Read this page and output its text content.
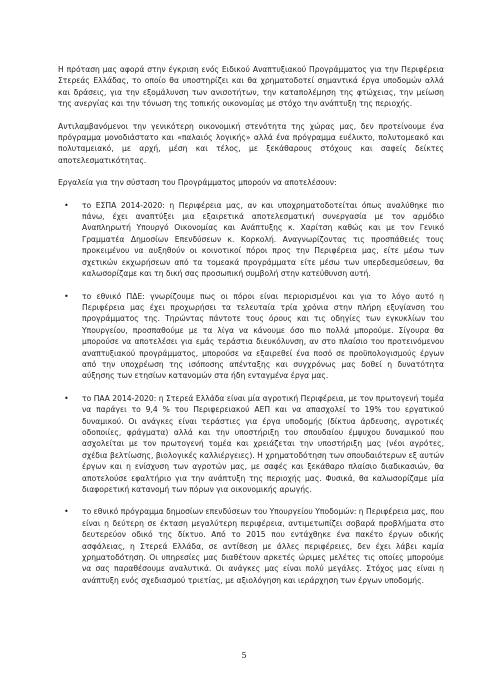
Η πρόταση μας αφορά στην έγκριση ενός Ειδικού Αναπτυξιακού Προγράμματος για την Περιφέρεια Στερεάς Ελλάδας, το οποίο θα υποστηρίζει και θα χρηματοδοτεί σημαντικά έργα υποδομών αλλά και δράσεις, για την εξομάλυνση των ανισοτήτων, την καταπολέμηση της φτώχειας, την μείωση της ανεργίας και την τόνωση της τοπικής οικονομίας με στόχο την ανάπτυξη της περιοχής.

Αντιλαμβανόμενοι την γενικότερη οικονομική στενότητα της χώρας μας, δεν προτείνουμε ένα πρόγραμμα μονοδιάστατο και «παλαιός λογικής» αλλά ένα πρόγραμμα ευέλικτο, πολυτομεακό και πολυταμειακό, με αρχή, μέση και τέλος, με ξεκάθαρους στόχους και σαφείς δείκτες αποτελεσματικότητας.

Εργαλεία για την σύσταση του Προγράμματος μπορούν να αποτελέσουν:

• το ΕΣΠΑ 2014-2020: η Περιφέρεια μας, αν και υποχρηματοδοτείται όπως αναλύθηκε πιο πάνω, έχει αναπτύξει μια εξαιρετικά αποτελεσματική συνεργασία με τον αρμόδιο Αναπληρωτή Υπουργό Οικονομίας και Ανάπτυξης κ. Χαρίτση καθώς και με τον Γενικό Γραμματέα Δημοσίων Επενδύσεων κ. Κορκολή. Αναγνωρίζοντας τις προσπάθειές τους προκειμένου να αυξηθούν οι κοινοτικοί πόροι προς την Περιφέρεια μας, είτε μέσω των σχετικών εκχωρήσεων από τα τομεακά προγράμματα είτε μέσω των υπερδεσμεύσεων, θα καλωσορίζαμε και τη δική σας προσωπική συμβολή στην κατεύθυνση αυτή.
• το εθνικό ΠΔΕ: γνωρίζουμε πως οι πόροι είναι περιορισμένοι και για το λόγο αυτό η Περιφέρεια μας έχει προχωρήσει τα τελευταία τρία χρόνια στην πλήρη εξυγίανση του προγράμματος της. Τηρώντας πάντοτε τους όρους και τις οδηγίες των εγκυκλίων του Υπουργείου, προσπαθούμε με τα λίγα να κάνουμε όσο πιο πολλά μπορούμε. Σίγουρα θα μπορούσε να αποτελέσει για εμάς τεράστια διευκόλυνση, αν στο πλαίσιο του προτεινόμενου αναπτυξιακού προγράμματος, μπορούσε να εξαιρεθεί ένα ποσό σε προϋπολογισμούς έργων από την υποχρέωση της ισόποσης απένταξης και συγχρόνως μας δοθεί η δυνατότητα αύξησης των ετησίων κατανομών στα ήδη ενταγμένα έργα μας.
• το ΠΑΑ 2014-2020: η Στερεά Ελλάδα είναι μία αγροτική Περιφέρεια, με τον πρωτογενή τομέα να παράγει το 9,4 % του Περιφερειακού ΑΕΠ και να απασχολεί το 19% του εργατικού δυναμικού. Οι ανάγκες είναι τεράστιες για έργα υποδομής (δίκτυα άρδευσης, αγροτικές οδοποιίες, φράγματα) αλλά και την υποστήριξη του σπουδαίου έμψυχου δυναμικού που ασχολείται με τον πρωτογενή τομέα και χρειάζεται την υποστήριξη μας (νέοι αγρότες, σχέδια βελτίωσης, βιολογικές καλλιέργειες). Η χρηματοδότηση των σπουδαιότερων εξ αυτών έργων και η ενίσχυση των αγροτών μας, με σαφές και ξεκάθαρο πλαίσιο διαδικασιών, θα αποτελούσε εφαλτήριο για την ανάπτυξη της περιοχής μας. Φυσικά, θα καλωσορίζαμε μία διαφορετική κατανομή των πόρων για οικονομικής αρωγής.
• το εθνικό πρόγραμμα δημοσίων επενδύσεων του Υπουργείου Υποδομών: η Περιφέρεια μας, που είναι η δεύτερη σε έκταση μεγαλύτερη περιφέρεια, αντιμετωπίζει σοβαρά προβλήματα στο δευτερεύον οδικό της δίκτυο. Από το 2015 που εντάχθηκε ένα πακέτο έργων οδικής ασφάλειας, η Στερεά Ελλάδα, σε αντίθεση με άλλες περιφέρειες, δεν έχει λάβει καμία χρηματοδότηση. Οι υπηρεσίες μας διαθέτουν αρκετές ώριμες μελέτες τις οποίες μπορούμε να σας παραθέσουμε αναλυτικά. Οι ανάγκες μας είναι πολύ μεγάλες. Στόχος μας είναι η ανάπτυξη ενός σχεδιασμού τριετίας, με αξιολόγηση και ιεράρχηση των έργων υποδομής.
5
